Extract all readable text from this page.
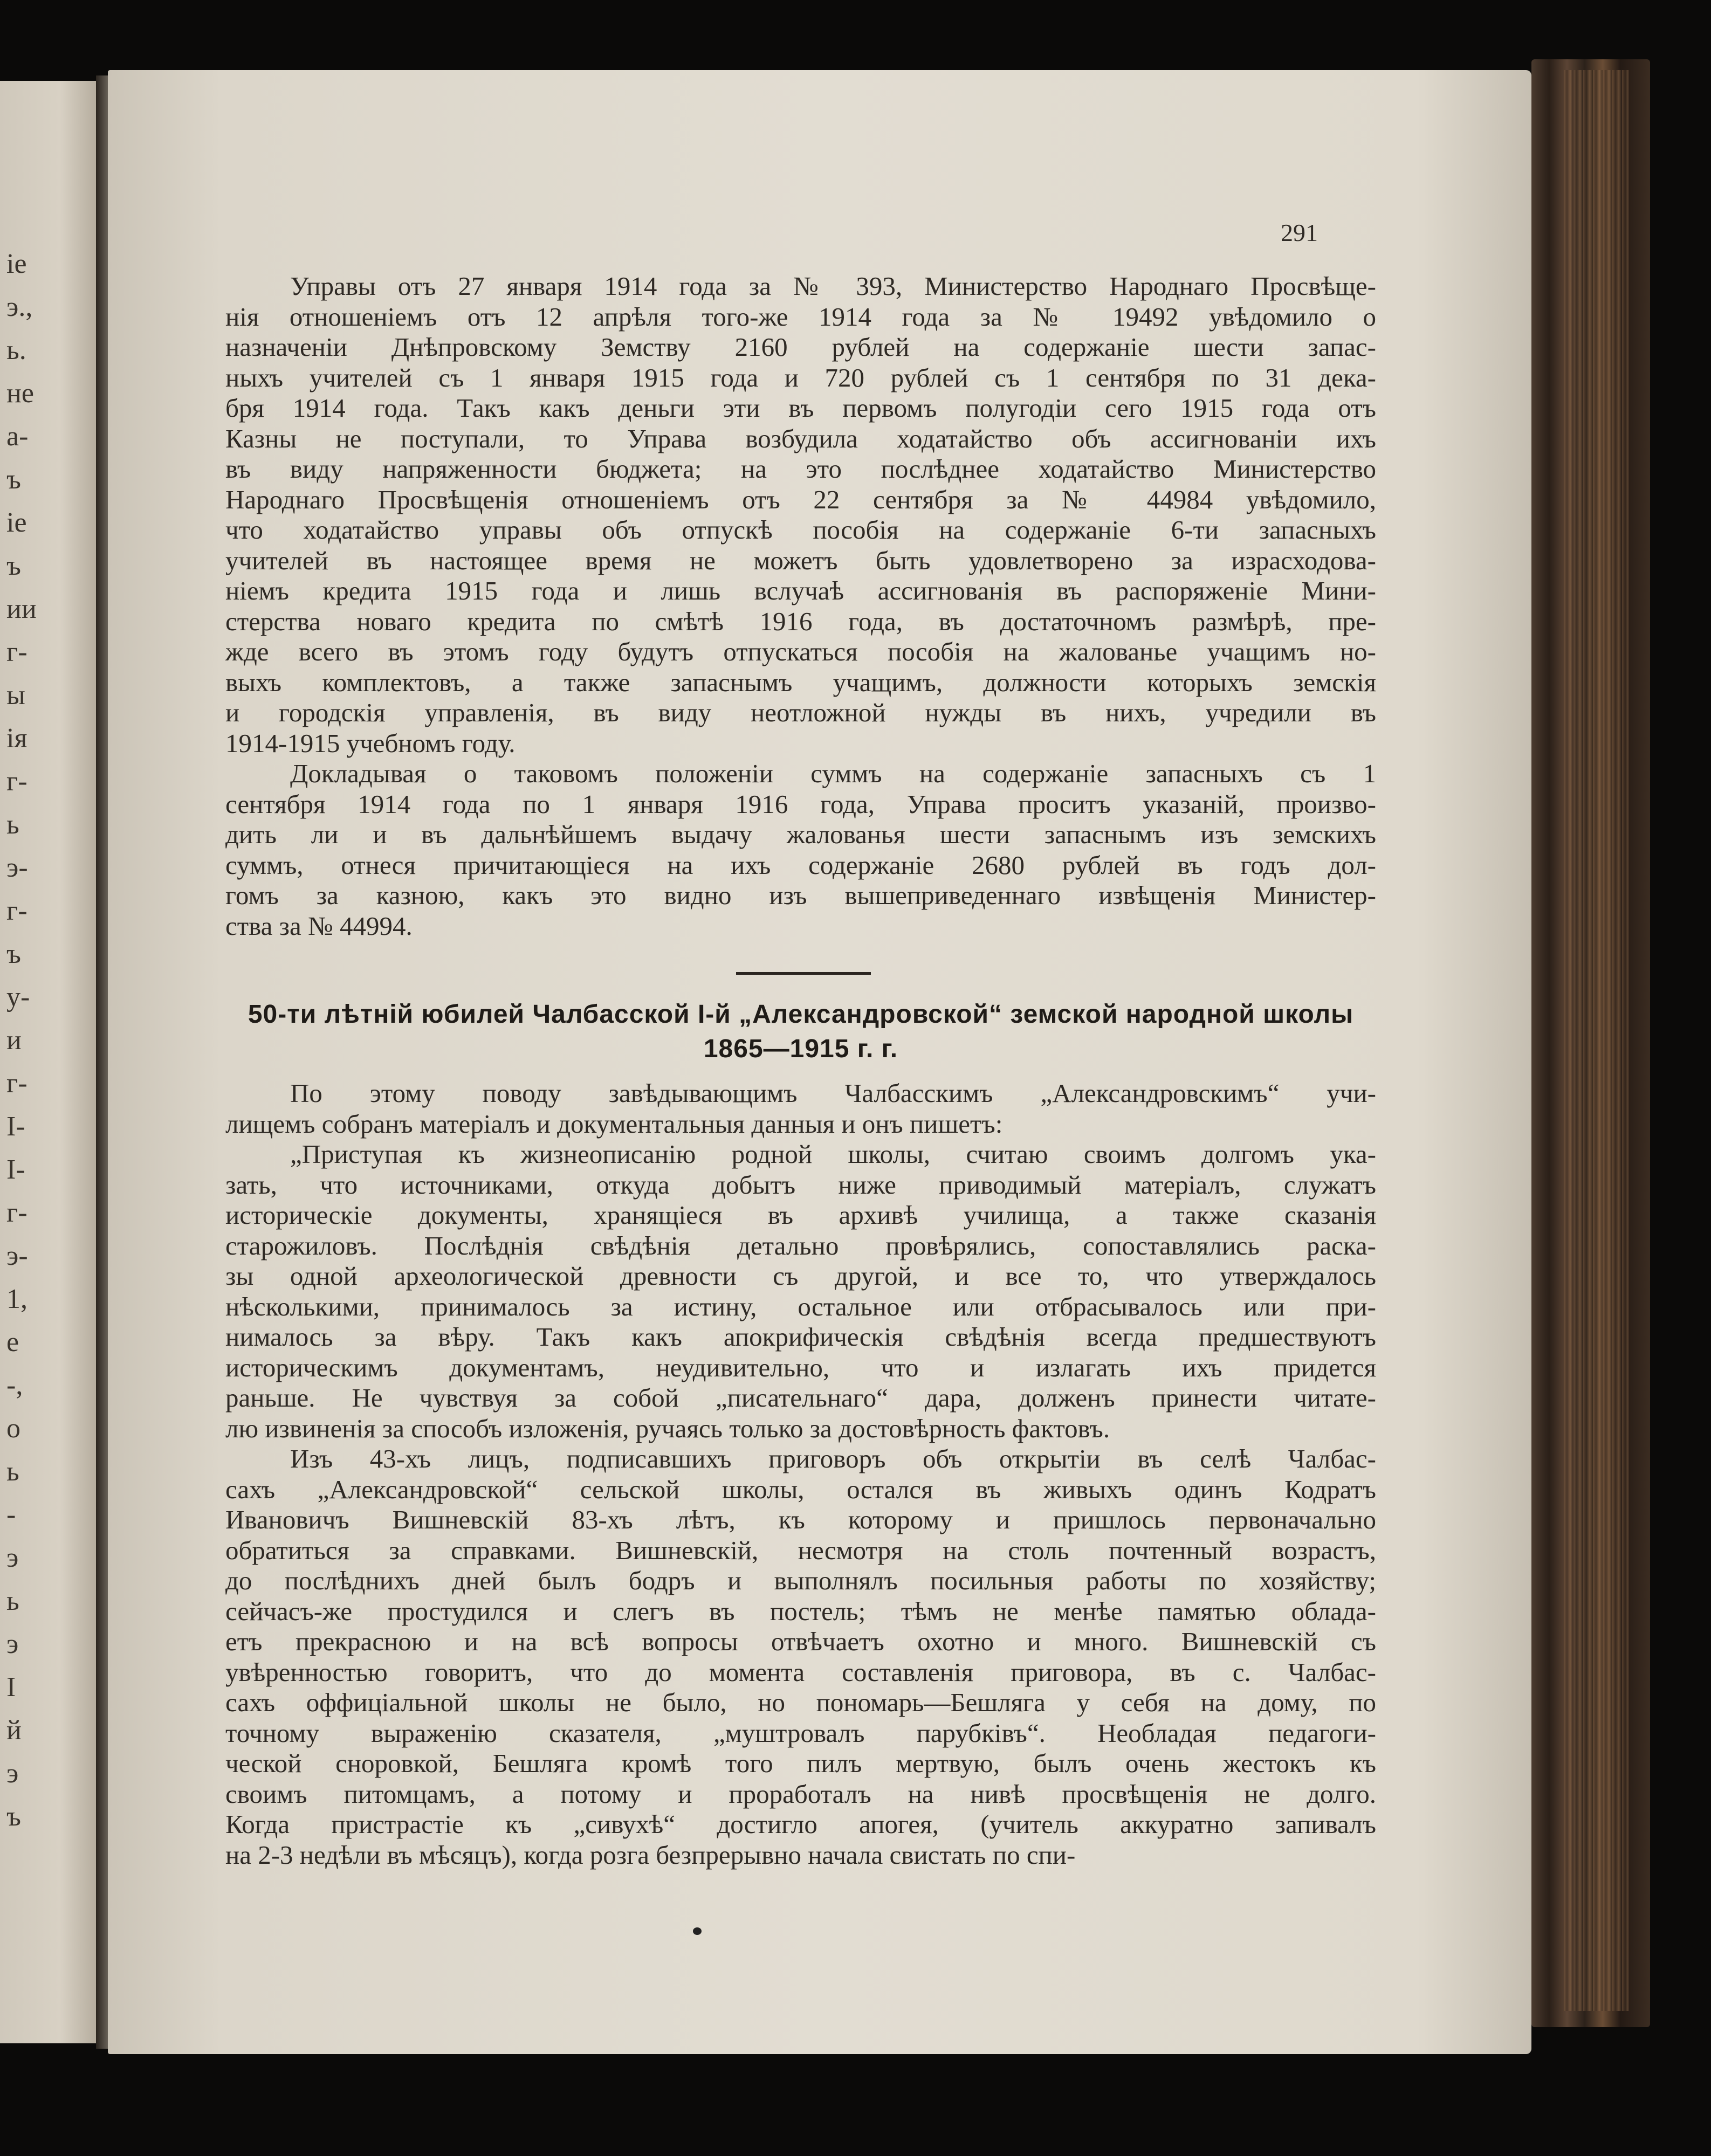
ie
э.,
ь.
не
а-
ъ
ie
ъ
ии
г-
ы
iя
г-
ь
э-
г-
ъ
у-
и
г-
I-
I-
г-
э-
1,
е
-,
о
ь
-
э
ь
э
I
й
э
ъ
291
Управы отъ 27 января 1914 года за № 393, Министерство Народнаго Просвѣще-
нія отношеніемъ отъ 12 апрѣля того-же 1914 года за № 19492 увѣдомило о
назначеніи Днѣпровскому Земству 2160 рублей на содержаніе шести запас-
ныхъ учителей съ 1 января 1915 года и 720 рублей съ 1 сентября по 31 дека-
бря 1914 года. Такъ какъ деньги эти въ первомъ полугодіи сего 1915 года отъ
Казны не поступали, то Управа возбудила ходатайство объ ассигнованіи ихъ
въ виду напряженности бюджета; на это послѣднее ходатайство Министерство
Народнаго Просвѣщенія отношеніемъ отъ 22 сентября за № 44984 увѣдомило,
что ходатайство управы объ отпускѣ пособія на содержаніе 6-ти запасныхъ
учителей въ настоящее время не можетъ быть удовлетворено за израсходова-
ніемъ кредита 1915 года и лишь вслучаѣ ассигнованія въ распоряженіе Мини-
стерства новаго кредита по смѣтѣ 1916 года, въ достаточномъ размѣрѣ, пре-
жде всего въ этомъ году будутъ отпускаться пособія на жалованье учащимъ но-
выхъ комплектовъ, а также запаснымъ учащимъ, должности которыхъ земскія
и городскія управленія, въ виду неотложной нужды въ нихъ, учредили въ
1914-1915 учебномъ году.
Докладывая о таковомъ положеніи суммъ на содержаніе запасныхъ съ 1
сентября 1914 года по 1 января 1916 года, Управа проситъ указаній, произво-
дить ли и въ дальнѣйшемъ выдачу жалованья шести запаснымъ изъ земскихъ
суммъ, отнеся причитающіеся на ихъ содержаніе 2680 рублей въ годъ дол-
гомъ за казною, какъ это видно изъ вышеприведеннаго извѣщенія Министер-
ства за № 44994.
50-ти лѣтній юбилей Чалбасской I-й „Александровской“ земской народной школы
1865—1915 г. г.
По этому поводу завѣдывающимъ Чалбасскимъ „Александровскимъ“ учи-
лищемъ собранъ матеріалъ и документальныя данныя и онъ пишетъ:
„Приступая къ жизнеописанію родной школы, считаю своимъ долгомъ ука-
зать, что источниками, откуда добытъ ниже приводимый матеріалъ, служатъ
историческіе документы, хранящіеся въ архивѣ училища, а также сказанія
старожиловъ. Послѣднія свѣдѣнія детально провѣрялись, сопоставлялись раска-
зы одной археологической древности съ другой, и все то, что утверждалось
нѣсколькими, принималось за истину, остальное или отбрасывалось или при-
нималось за вѣру. Такъ какъ апокрифическія свѣдѣнія всегда предшествуютъ
историческимъ документамъ, неудивительно, что и излагать ихъ придется
раньше. Не чувствуя за собой „писательнаго“ дара, долженъ принести читате-
лю извиненія за способъ изложенія, ручаясь только за достовѣрность фактовъ.
Изъ 43-хъ лицъ, подписавшихъ приговоръ объ открытіи въ селѣ Чалбас-
сахъ „Александровской“ сельской школы, остался въ живыхъ одинъ Кодратъ
Ивановичъ Вишневскій 83-хъ лѣтъ, къ которому и пришлось первоначально
обратиться за справками. Вишневскій, несмотря на столь почтенный возрастъ,
до послѣднихъ дней былъ бодръ и выполнялъ посильныя работы по хозяйству;
сейчасъ-же простудился и слегъ въ постель; тѣмъ не менѣе памятью облада-
етъ прекрасною и на всѣ вопросы отвѣчаетъ охотно и много. Вишневскій съ
увѣренностью говоритъ, что до момента составленія приговора, въ с. Чалбас-
сахъ оффиціальной школы не было, но пономарь—Бешляга у себя на дому, по
точному выраженію сказателя, „муштровалъ парубківъ“. Необладая педагоги-
ческой сноровкой, Бешляга кромѣ того пилъ мертвую, былъ очень жестокъ къ
своимъ питомцамъ, а потому и проработалъ на нивѣ просвѣщенія не долго.
Когда пристрастіе къ „сивухѣ“ достигло апогея, (учитель аккуратно запивалъ
на 2-3 недѣли въ мѣсяцъ), когда розга безпрерывно начала свистать по спи-
